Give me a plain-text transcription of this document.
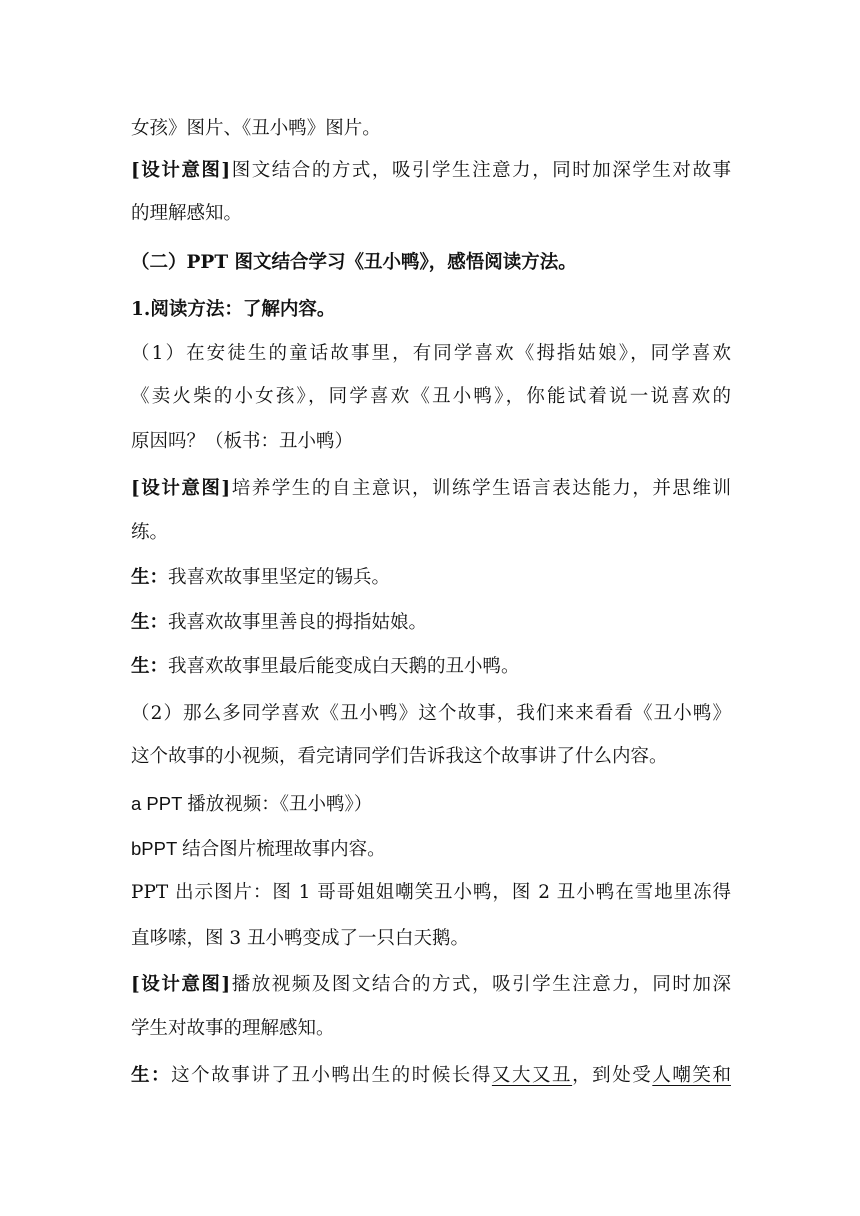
女孩》图片、《丑小鸭》图片。
[设计意图]图文结合的方式，吸引学生注意力，同时加深学生对故事
的理解感知。
（二）PPT 图文结合学习《丑小鸭》，感悟阅读方法。
1.阅读方法：了解内容。
（1）在安徒生的童话故事里，有同学喜欢《拇指姑娘》，同学喜欢
《卖火柴的小女孩》，同学喜欢《丑小鸭》，你能试着说一说喜欢的
原因吗？（板书：丑小鸭）
[设计意图]培养学生的自主意识，训练学生语言表达能力，并思维训
练。
生：我喜欢故事里坚定的锡兵。
生：我喜欢故事里善良的拇指姑娘。
生：我喜欢故事里最后能变成白天鹅的丑小鸭。
（2）那么多同学喜欢《丑小鸭》这个故事，我们来来看看《丑小鸭》
这个故事的小视频，看完请同学们告诉我这个故事讲了什么内容。
a PPT 播放视频：《丑小鸭》）
bPPT 结合图片梳理故事内容。
PPT 出示图片：图 1 哥哥姐姐嘲笑丑小鸭，图 2 丑小鸭在雪地里冻得
直哆嗦，图 3 丑小鸭变成了一只白天鹅。
[设计意图]播放视频及图文结合的方式，吸引学生注意力，同时加深
学生对故事的理解感知。
生：这个故事讲了丑小鸭出生的时候长得又大又丑，到处受人嘲笑和
